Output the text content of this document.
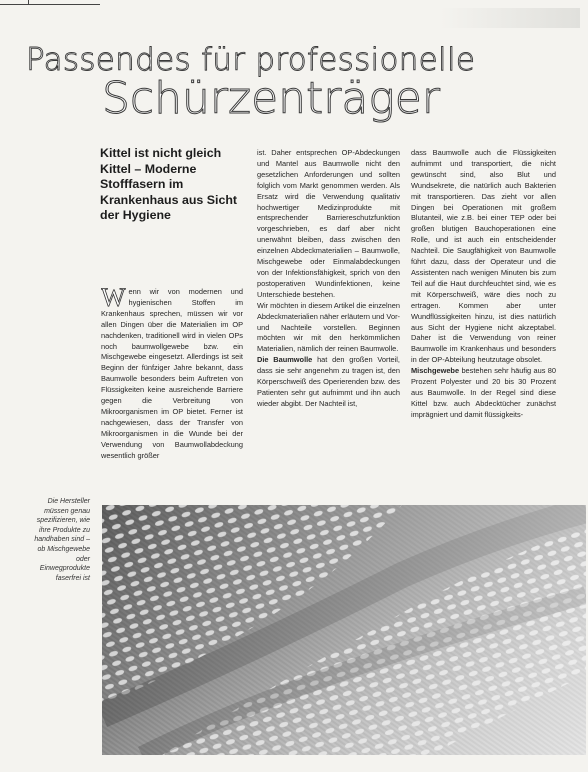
Passendes für professionelle
Schürzenträger
Kittel ist nicht gleich Kittel – Moderne Stofffasern im Krankenhaus aus Sicht der Hygiene

Wenn wir von modernen und hygienischen Stoffen im Krankenhaus sprechen, müssen wir vor allen Dingen über die Materialien im OP nachdenken, traditionell wird in vielen OPs noch baumwollgewebe bzw. ein Mischgewebe eingesetzt. Allerdings ist seit Beginn der fünfziger Jahre bekannt, dass Baumwolle besonders beim Auftreten von Flüssigkeiten keine ausreichende Barriere gegen die Verbreitung von Mikroorganismen im OP bietet. Ferner ist nachgewiesen, dass der Transfer von Mikroorganismen in die Wunde bei der Verwendung von Baumwollabdeckung wesentlich größer

ist. Daher entsprechen OP-Abdeckungen und Mantel aus Baumwolle nicht den gesetzlichen Anforderungen und sollten folglich vom Markt genommen werden. Als Ersatz wird die Verwendung qualitativ hochwertiger Medizinprodukte mit entsprechender Barriereschutzfunktion vorgeschrieben, es darf aber nicht unerwähnt bleiben, dass zwischen den einzelnen Abdeckmaterialien – Baumwolle, Mischgewebe oder Einmalabdeckungen von der Infektionsfähigkeit, sprich von den postoperativen Wundinfektionen, keine Unterschiede bestehen.

Wir möchten in diesem Artikel die einzelnen Abdeckmaterialien näher erläutern und Vor- und Nachteile vorstellen. Beginnen möchten wir mit den herkömmlichen Materialien, nämlich der reinen Baumwolle.

Die Baumwolle hat den großen Vorteil, dass sie sehr angenehm zu tragen ist, den Körperschweiß des Operierenden bzw. des Patienten sehr gut aufnimmt und ihn auch wieder abgibt. Der Nachteil ist,

dass Baumwolle auch die Flüssigkeiten aufnimmt und transportiert, die nicht gewünscht sind, also Blut und Wundsekrete, die natürlich auch Bakterien mit transportieren. Das zieht vor allen Dingen bei Operationen mit großem Blutanteil, wie z.B. bei einer TEP oder bei großen blutigen Bauchoperationen eine Rolle, und ist auch ein entscheidender Nachteil. Die Saugfähigkeit von Baumwolle führt dazu, dass der Operateur und die Assistenten nach wenigen Minuten bis zum Teil auf die Haut durchfeuchtet sind, wie es mit Körperschweiß, wäre dies noch zu ertragen. Kommen aber unter Wundflüssigkeiten hinzu, ist dies natürlich aus Sicht der Hygiene nicht akzeptabel. Daher ist die Verwendung von reiner Baumwolle im Krankenhaus und besonders in der OP-Abteilung heutzutage obsolet.

Mischgewebe bestehen sehr häufig aus 80 Prozent Polyester und 20 bis 30 Prozent aus Baumwolle. In der Regel sind diese Kittel bzw. auch Abdecktücher zunächst imprägniert und damit flüssigkeits-

Die Hersteller müssen genau spezifizieren, wie ihre Produkte zu handhaben sind – ob Mischgewebe oder Einwegprodukte faserfrei ist
